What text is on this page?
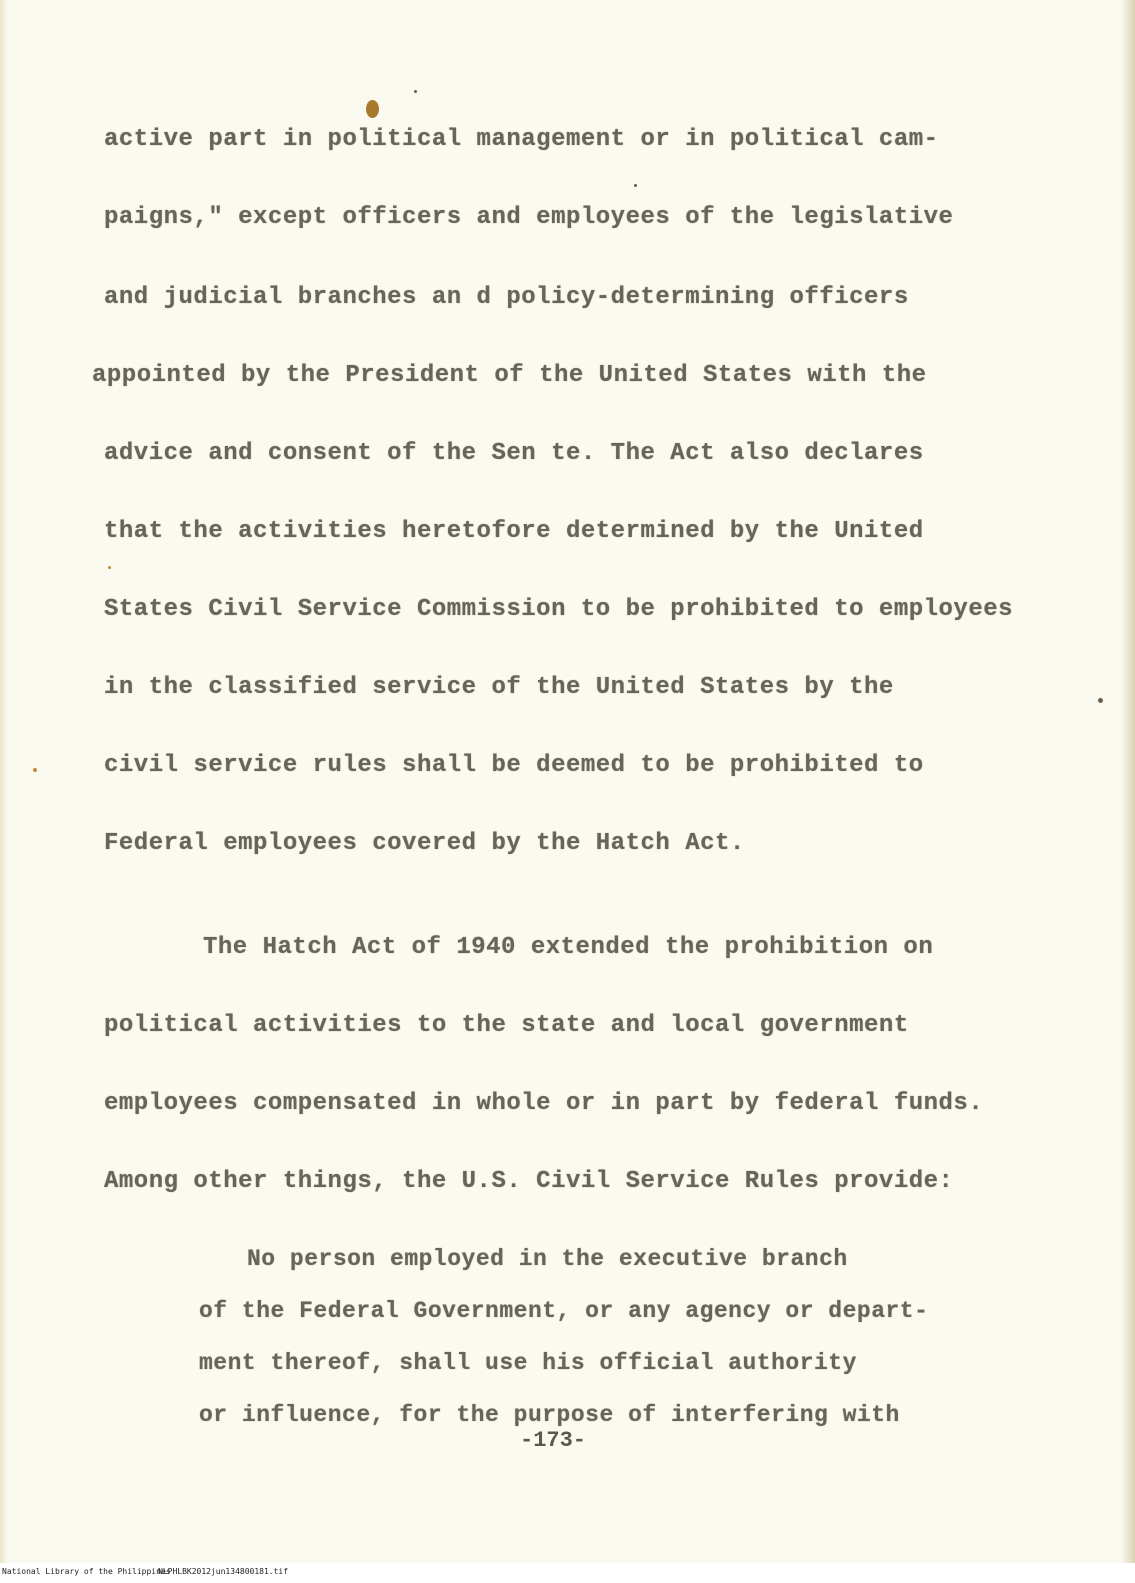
active part in political management or in political cam-
paigns," except officers and employees of the legislative
and judicial branches an d policy-determining officers
appointed by the President of the United States with the
advice and consent of the Sen te. The Act also declares
that the activities heretofore determined by the United
States Civil Service Commission to be prohibited to employees
in the classified service of the United States by the
civil service rules shall be deemed to be prohibited to
Federal employees covered by the Hatch Act.
The Hatch Act of 1940 extended the prohibition on
political activities to the state and local government
employees compensated in whole or in part by federal funds.
Among other things, the U.S. Civil Service Rules provide:
No person employed in the executive branch
of the Federal Government, or any agency or depart-
ment thereof, shall use his official authority
or influence, for the purpose of interfering with
-173-
National Library of the Philippines
NLPHLBK2012jun134800181.tif
